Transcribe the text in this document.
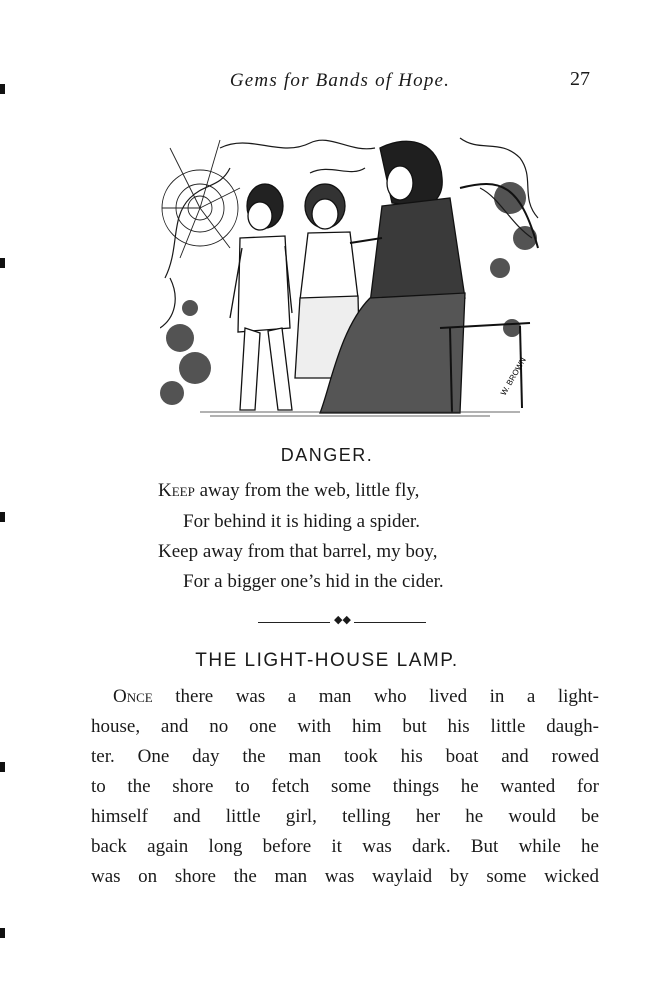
Gems for Bands of Hope.	27
W. BROWN
DANGER.
Keep away from the web, little fly,
For behind it is hiding a spider.
Keep away from that barrel, my boy,
For a bigger one’s hid in the cider.
◆◆
THE LIGHT-HOUSE LAMP.
Once there was a man who lived in a light-
house, and no one with him but his little daugh-
ter. One day the man took his boat and rowed
to the shore to fetch some things he wanted for
himself and little girl, telling her he would be
back again long before it was dark. But while he
was on shore the man was waylaid by some wicked
